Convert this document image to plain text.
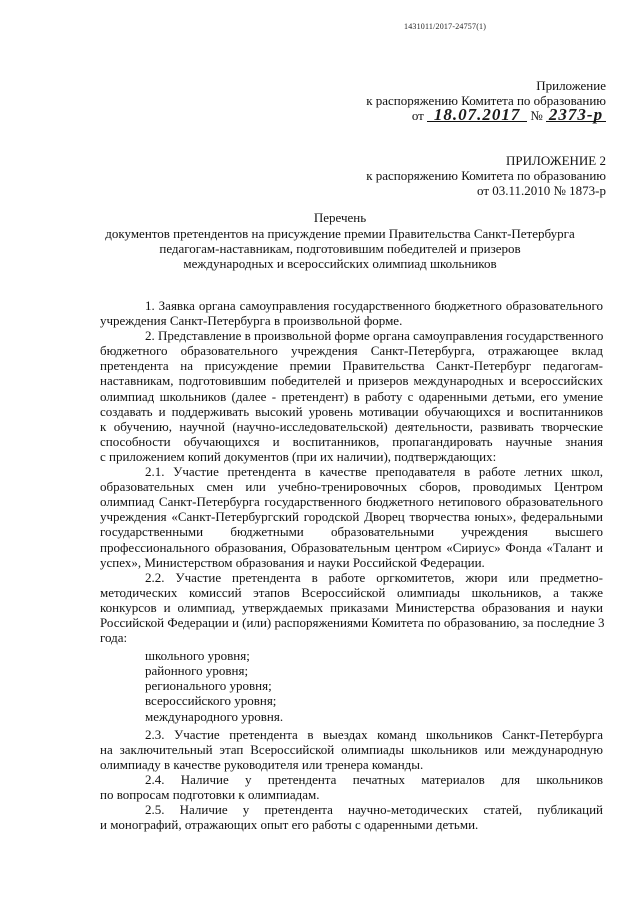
1431011/2017-24757(1)
Приложение
к распоряжению Комитета по образованию
от 18.07.2017 № 2373-р
ПРИЛОЖЕНИЕ 2
к распоряжению Комитета по образованию
от 03.11.2010 № 1873-р
Перечень
документов претендентов на присуждение премии Правительства Санкт-Петербурга
педагогам-наставникам, подготовившим победителей и призеров
международных и всероссийских олимпиад школьников
1. Заявка органа самоуправления государственного бюджетного образовательного
учреждения Санкт-Петербурга в произвольной форме.
2. Представление в произвольной форме органа самоуправления государственного
бюджетного образовательного учреждения Санкт-Петербурга, отражающее вклад
претендента на присуждение премии Правительства Санкт-Петербург педагогам-
наставникам, подготовившим победителей и призеров международных и всероссийских
олимпиад школьников (далее - претендент) в работу с одаренными детьми, его умение
создавать и поддерживать высокий уровень мотивации обучающихся и воспитанников
к обучению, научной (научно-исследовательской) деятельности, развивать творческие
способности обучающихся и воспитанников, пропагандировать научные знания
с приложением копий документов (при их наличии), подтверждающих:
2.1. Участие претендента в качестве преподавателя в работе летних школ,
образовательных смен или учебно-тренировочных сборов, проводимых Центром
олимпиад Санкт-Петербурга государственного бюджетного нетипового образовательного
учреждения «Санкт-Петербургский городской Дворец творчества юных», федеральными
государственными бюджетными образовательными учреждения высшего
профессионального образования, Образовательным центром «Сириус» Фонда «Талант и
успех», Министерством образования и науки Российской Федерации.
2.2. Участие претендента в работе оргкомитетов, жюри или предметно-
методических комиссий этапов Всероссийской олимпиады школьников, а также
конкурсов и олимпиад, утверждаемых приказами Министерства образования и науки
Российской Федерации и (или) распоряжениями Комитета по образованию, за последние 3
года:
школьного уровня;
районного уровня;
регионального уровня;
всероссийского уровня;
международного уровня.
2.3. Участие претендента в выездах команд школьников Санкт-Петербурга
на заключительный этап Всероссийской олимпиады школьников или международную
олимпиаду в качестве руководителя или тренера команды.
2.4. Наличие у претендента печатных материалов для школьников
по вопросам подготовки к олимпиадам.
2.5. Наличие у претендента научно-методических статей, публикаций
и монографий, отражающих опыт его работы с одаренными детьми.
